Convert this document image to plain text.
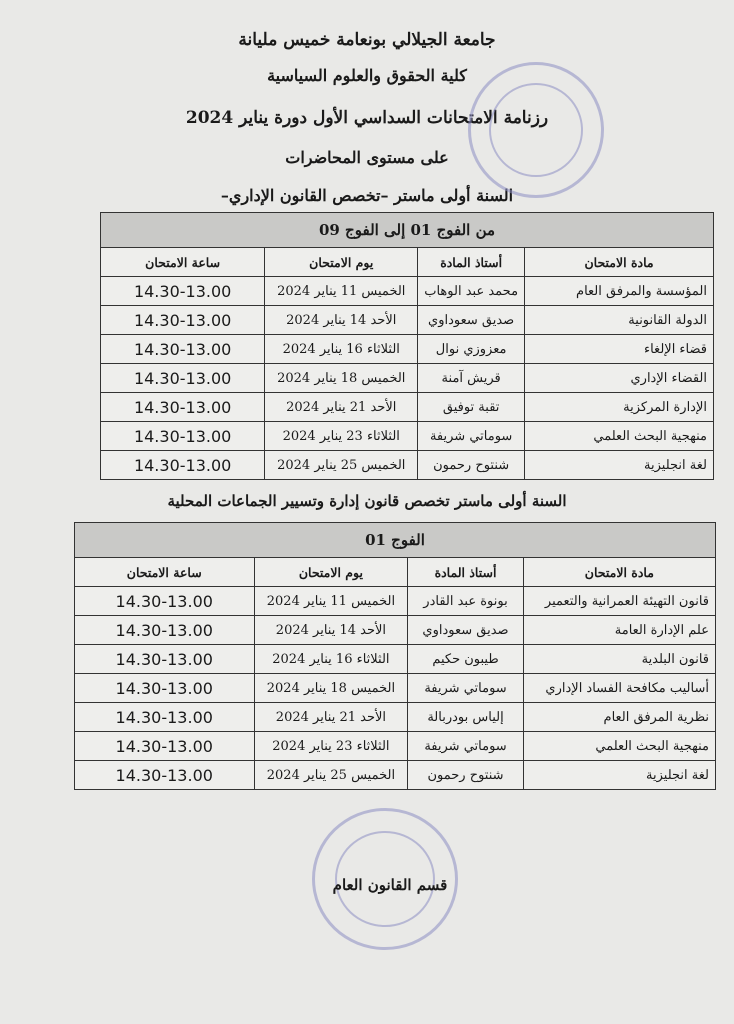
جامعة الجيلالي بونعامة خميس مليانة
كلية الحقوق والعلوم السياسية
رزنامة الامتحانات السداسي الأول دورة يناير 2024
على مستوى المحاضرات
السنة أولى ماستر –تخصص القانون الإداري–
من الفوج 01 إلى الفوج 09			
مادة الامتحان	أستاذ المادة	يوم الامتحان	ساعة الامتحان
المؤسسة والمرفق العام	محمد عبد الوهاب	الخميس 11 يناير 2024	14.30-13.00
الدولة القانونية	صديق سعوداوي	الأحد 14 يناير 2024	14.30-13.00
قضاء الإلغاء	معزوزي نوال	الثلاثاء 16 يناير 2024	14.30-13.00
القضاء الإداري	قريش آمنة	الخميس 18 يناير 2024	14.30-13.00
الإدارة المركزية	تقبة توفيق	الأحد 21 يناير 2024	14.30-13.00
منهجية البحث العلمي	سوماتي شريفة	الثلاثاء 23 يناير 2024	14.30-13.00
لغة انجليزية	شنتوح رحمون	الخميس 25 يناير 2024	14.30-13.00
السنة أولى ماستر تخصص قانون إدارة وتسيير الجماعات المحلية
الفوج 01			
مادة الامتحان	أستاذ المادة	يوم الامتحان	ساعة الامتحان
قانون التهيئة العمرانية والتعمير	بونوة عبد القادر	الخميس 11 يناير 2024	14.30-13.00
علم الإدارة العامة	صديق سعوداوي	الأحد 14 يناير 2024	14.30-13.00
قانون البلدية	طيبون حكيم	الثلاثاء 16 يناير 2024	14.30-13.00
أساليب مكافحة الفساد الإداري	سوماتي شريفة	الخميس 18 يناير 2024	14.30-13.00
نظرية المرفق العام	إلياس بودربالة	الأحد 21 يناير 2024	14.30-13.00
منهجية البحث العلمي	سوماتي شريفة	الثلاثاء 23 يناير 2024	14.30-13.00
لغة انجليزية	شنتوح رحمون	الخميس 25 يناير 2024	14.30-13.00
قسم القانون العام
